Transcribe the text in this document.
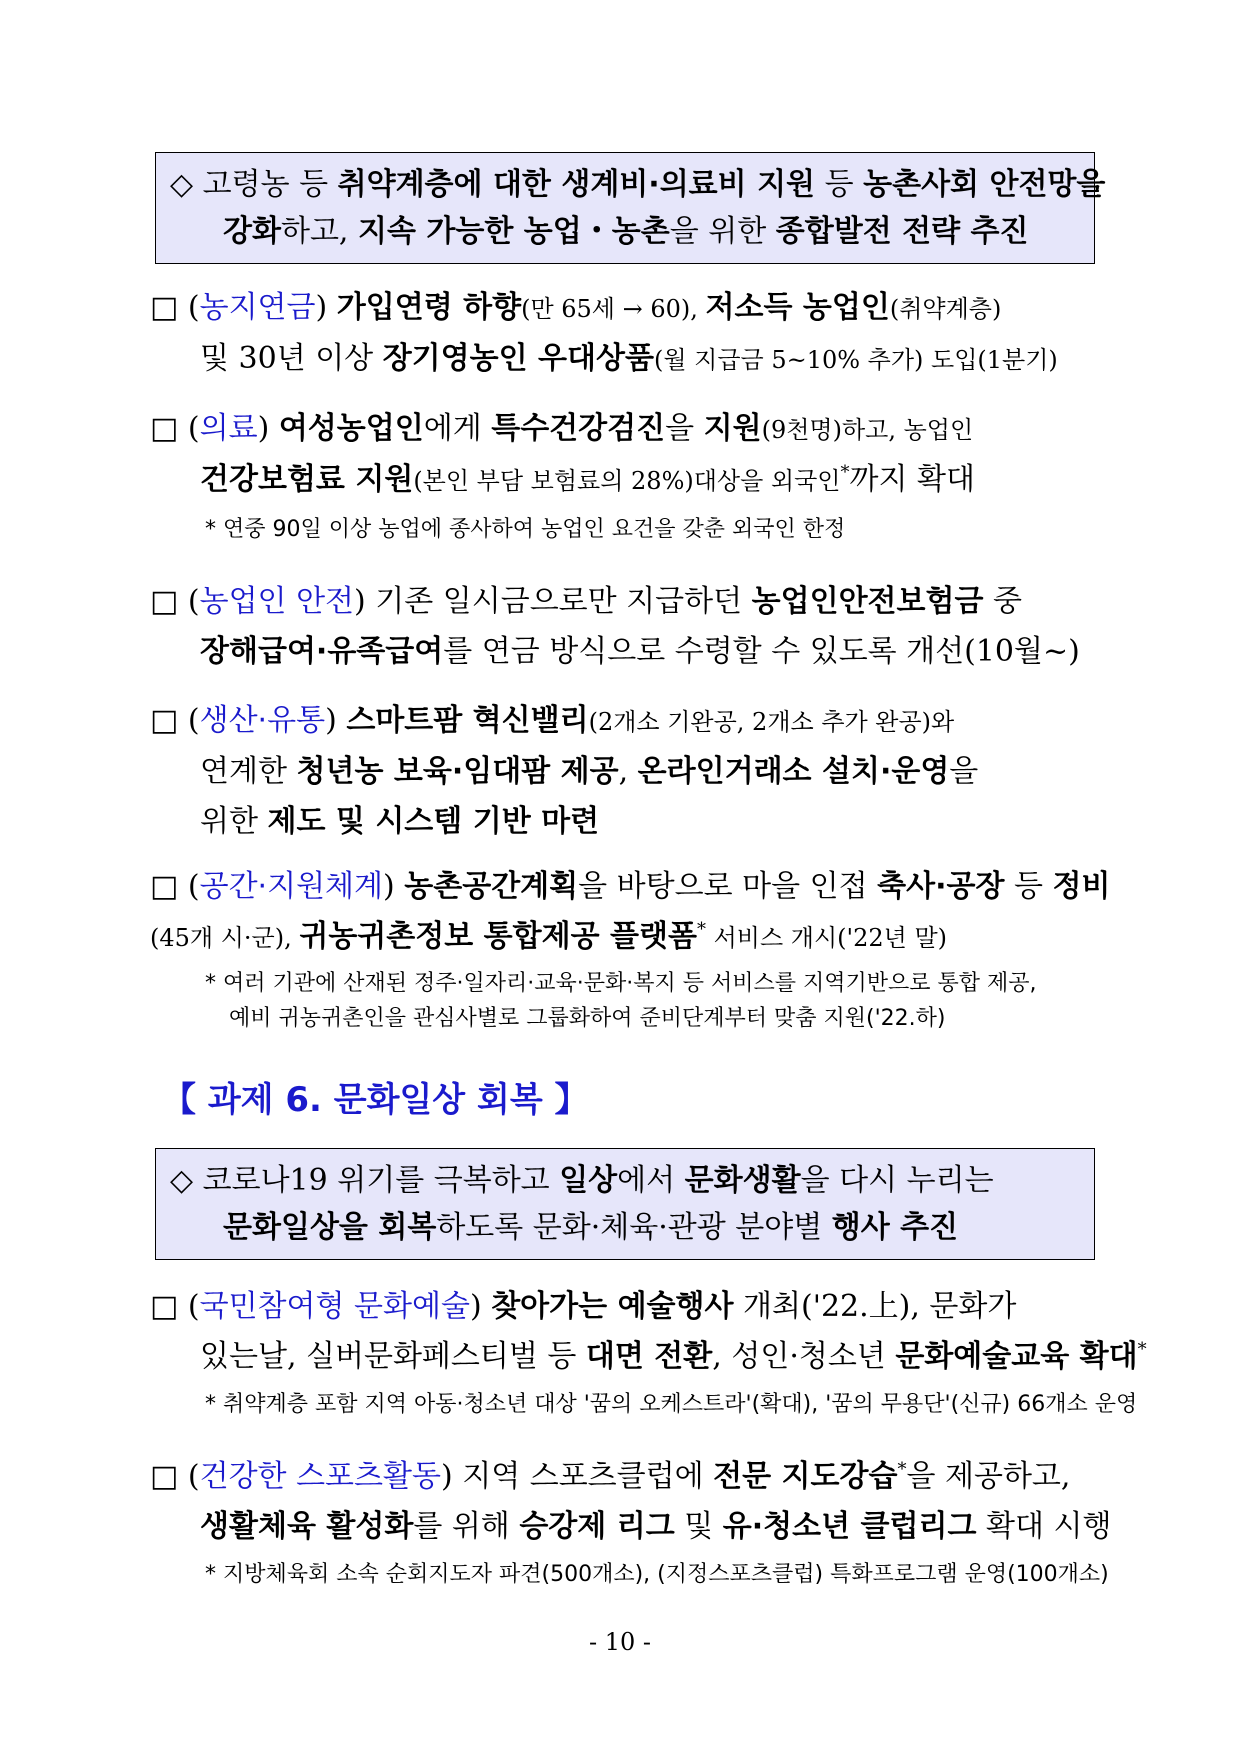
◇ 고령농 등 취약계층에 대한 생계비·의료비 지원 등 농촌사회 안전망을
강화하고, 지속 가능한 농업・농촌을 위한 종합발전 전략 추진
□ (농지연금) 가입연령 하향(만 65세 → 60), 저소득 농업인(취약계층)
및 30년 이상 장기영농인 우대상품(월 지급금 5~10% 추가) 도입(1분기)
□ (의료) 여성농업인에게 특수건강검진을 지원(9천명)하고, 농업인
건강보험료 지원(본인 부담 보험료의 28%)대상을 외국인*까지 확대
* 연중 90일 이상 농업에 종사하여 농업인 요건을 갖춘 외국인 한정
□ (농업인 안전) 기존 일시금으로만 지급하던 농업인안전보험금 중
장해급여·유족급여를 연금 방식으로 수령할 수 있도록 개선(10월~)
□ (생산·유통) 스마트팜 혁신밸리(2개소 기완공, 2개소 추가 완공)와
연계한 청년농 보육·임대팜 제공, 온라인거래소 설치·운영을
위한 제도 및 시스템 기반 마련
□ (공간·지원체계) 농촌공간계획을 바탕으로 마을 인접 축사·공장 등 정비
(45개 시·군), 귀농귀촌정보 통합제공 플랫폼* 서비스 개시('22년 말)
* 여러 기관에 산재된 정주·일자리·교육·문화·복지 등 서비스를 지역기반으로 통합 제공,
예비 귀농귀촌인을 관심사별로 그룹화하여 준비단계부터 맞춤 지원('22.하)
【 과제 6. 문화일상 회복 】
◇ 코로나19 위기를 극복하고 일상에서 문화생활을 다시 누리는
문화일상을 회복하도록 문화·체육·관광 분야별 행사 추진
□ (국민참여형 문화예술) 찾아가는 예술행사 개최('22.上), 문화가
있는날, 실버문화페스티벌 등 대면 전환, 성인·청소년 문화예술교육 확대*
* 취약계층 포함 지역 아동·청소년 대상 '꿈의 오케스트라'(확대), '꿈의 무용단'(신규) 66개소 운영
□ (건강한 스포츠활동) 지역 스포츠클럽에 전문 지도강습*을 제공하고,
생활체육 활성화를 위해 승강제 리그 및 유·청소년 클럽리그 확대 시행
* 지방체육회 소속 순회지도자 파견(500개소), (지정스포츠클럽) 특화프로그램 운영(100개소)
- 10 -
